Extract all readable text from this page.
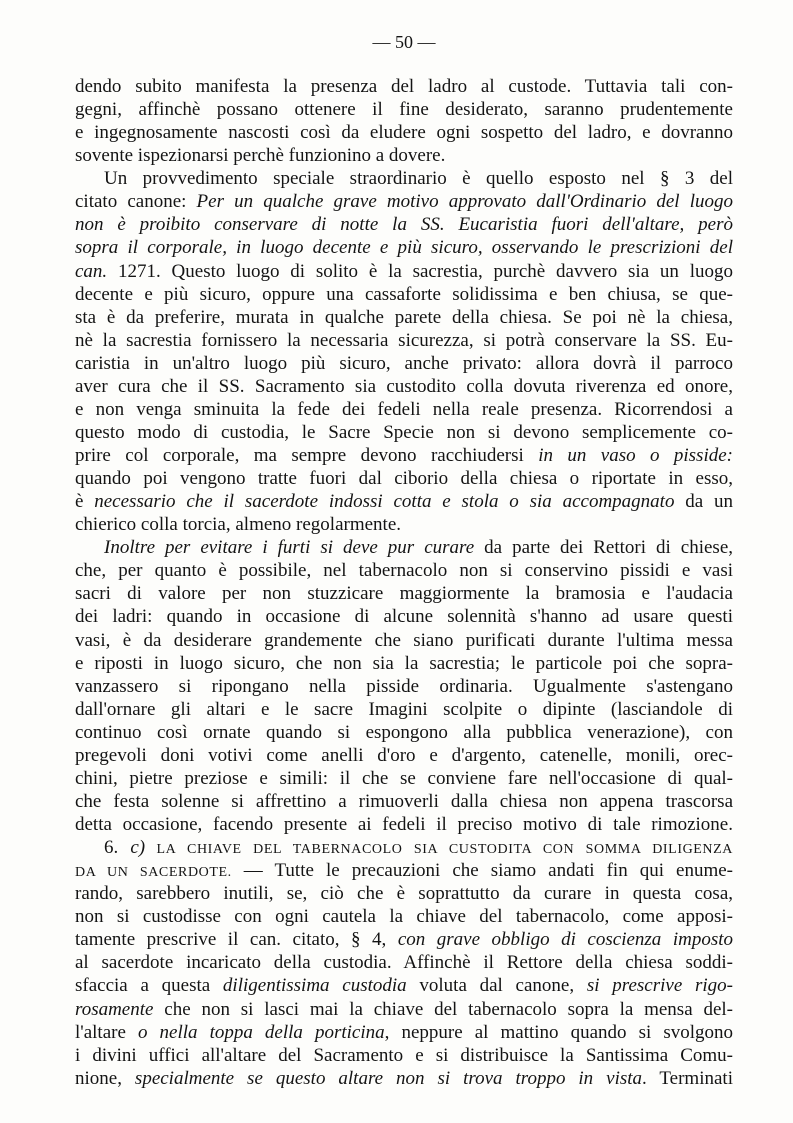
— 50 —
dendo subito manifesta la presenza del ladro al custode. Tuttavia tali con-
gegni, affinchè possano ottenere il fine desiderato, saranno prudentemente
e ingegnosamente nascosti così da eludere ogni sospetto del ladro, e dovranno
sovente ispezionarsi perchè funzionino a dovere.
Un provvedimento speciale straordinario è quello esposto nel § 3 del
citato canone: Per un qualche grave motivo approvato dall'Ordinario del luogo
non è proibito conservare di notte la SS. Eucaristia fuori dell'altare, però
sopra il corporale, in luogo decente e più sicuro, osservando le prescrizioni del
can. 1271. Questo luogo di solito è la sacrestia, purchè davvero sia un luogo
decente e più sicuro, oppure una cassaforte solidissima e ben chiusa, se que-
sta è da preferire, murata in qualche parete della chiesa. Se poi nè la chiesa,
nè la sacrestia fornissero la necessaria sicurezza, si potrà conservare la SS. Eu-
caristia in un'altro luogo più sicuro, anche privato: allora dovrà il parroco
aver cura che il SS. Sacramento sia custodito colla dovuta riverenza ed onore,
e non venga sminuita la fede dei fedeli nella reale presenza. Ricorrendosi a
questo modo di custodia, le Sacre Specie non si devono semplicemente co-
prire col corporale, ma sempre devono racchiudersi in un vaso o pisside:
quando poi vengono tratte fuori dal ciborio della chiesa o riportate in esso,
è necessario che il sacerdote indossi cotta e stola o sia accompagnato da un
chierico colla torcia, almeno regolarmente.
Inoltre per evitare i furti si deve pur curare da parte dei Rettori di chiese,
che, per quanto è possibile, nel tabernacolo non si conservino pissidi e vasi
sacri di valore per non stuzzicare maggiormente la bramosia e l'audacia
dei ladri: quando in occasione di alcune solennità s'hanno ad usare questi
vasi, è da desiderare grandemente che siano purificati durante l'ultima messa
e riposti in luogo sicuro, che non sia la sacrestia; le particole poi che sopra-
vanzassero si ripongano nella pisside ordinaria. Ugualmente s'astengano
dall'ornare gli altari e le sacre Imagini scolpite o dipinte (lasciandole di
continuo così ornate quando si espongono alla pubblica venerazione), con
pregevoli doni votivi come anelli d'oro e d'argento, catenelle, monili, orec-
chini, pietre preziose e simili: il che se conviene fare nell'occasione di qual-
che festa solenne si affrettino a rimuoverli dalla chiesa non appena trascorsa
detta occasione, facendo presente ai fedeli il preciso motivo di tale rimozione.
6. c) LA CHIAVE DEL TABERNACOLO SIA CUSTODITA CON SOMMA DILIGENZA
DA UN SACERDOTE. — Tutte le precauzioni che siamo andati fin qui enume-
rando, sarebbero inutili, se, ciò che è soprattutto da curare in questa cosa,
non si custodisse con ogni cautela la chiave del tabernacolo, come apposi-
tamente prescrive il can. citato, § 4, con grave obbligo di coscienza imposto
al sacerdote incaricato della custodia. Affinchè il Rettore della chiesa soddi-
sfaccia a questa diligentissima custodia voluta dal canone, si prescrive rigo-
rosamente che non si lasci mai la chiave del tabernacolo sopra la mensa del-
l'altare o nella toppa della porticina, neppure al mattino quando si svolgono
i divini uffici all'altare del Sacramento e si distribuisce la Santissima Comu-
nione, specialmente se questo altare non si trova troppo in vista. Terminati
